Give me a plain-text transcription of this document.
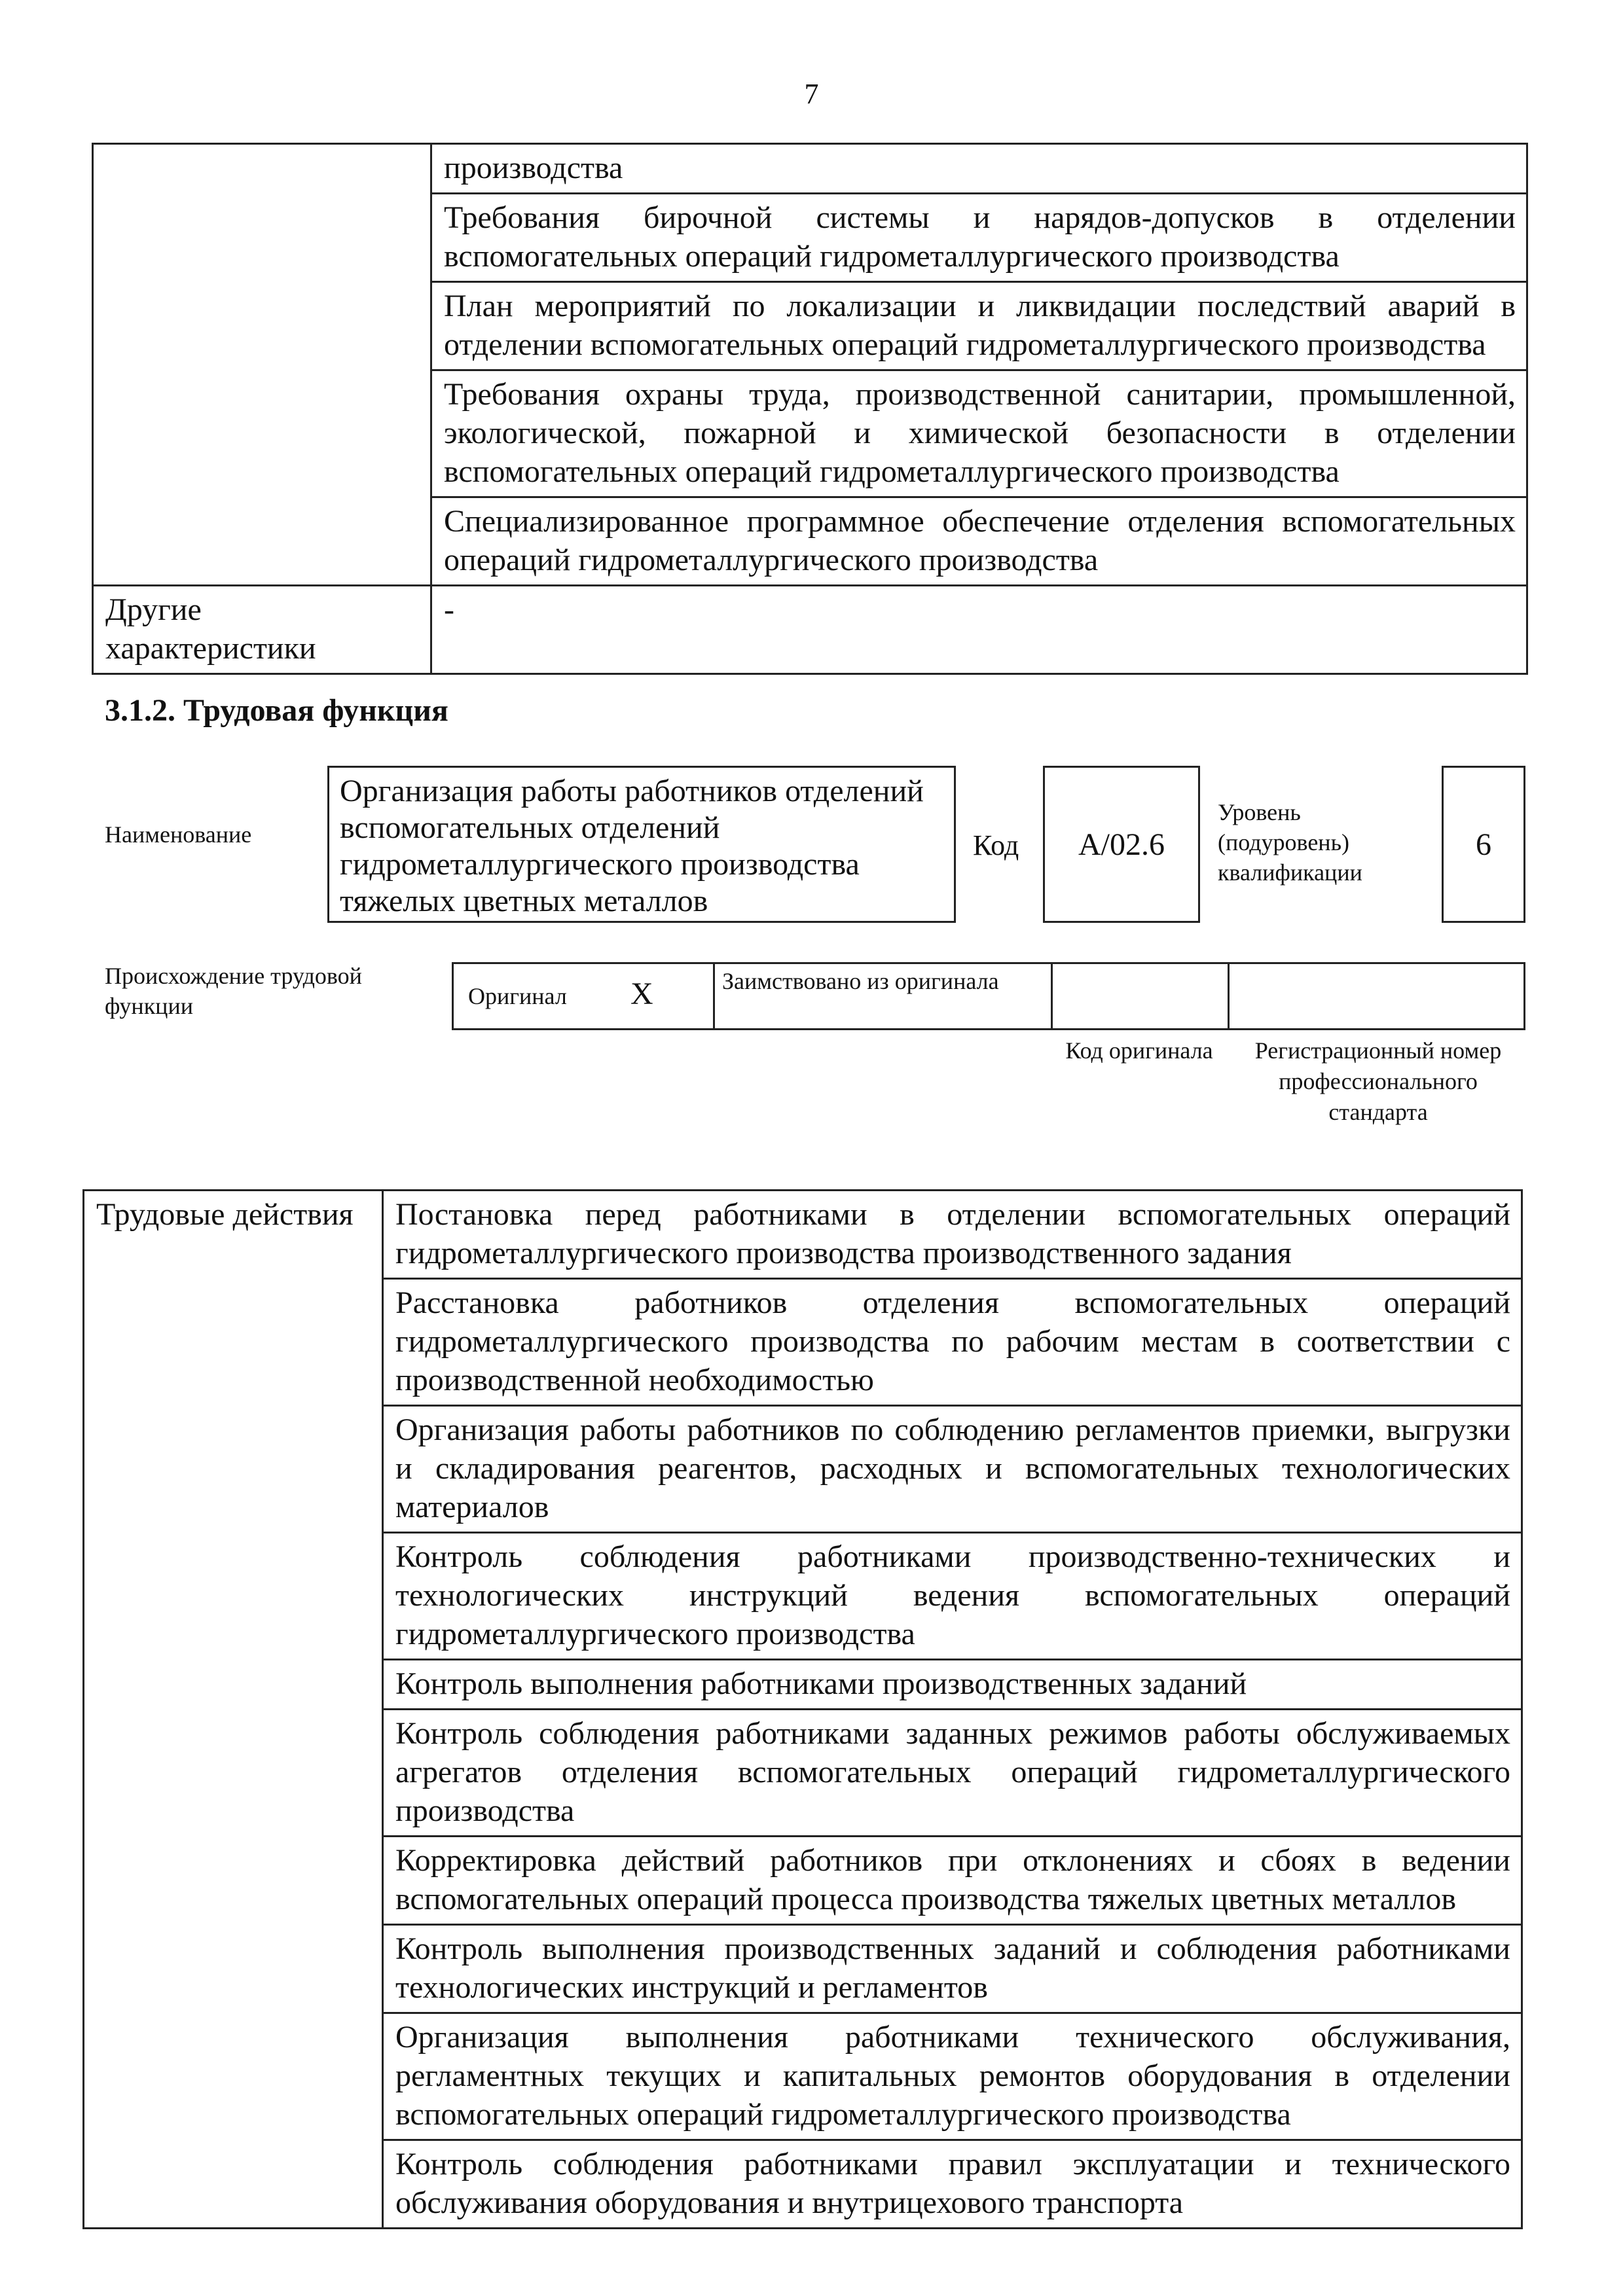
7
	производства
	Требования бирочной системы и нарядов-допусков в отделении вспомогательных операций гидрометаллургического производства
	План мероприятий по локализации и ликвидации последствий аварий в отделении вспомогательных операций гидрометаллургического производства
	Требования охраны труда, производственной санитарии, промышленной, экологической, пожарной и химической безопасности в отделении вспомогательных операций гидрометаллургического производства
	Специализированное программное обеспечение отделения вспомогательных операций гидрометаллургического производства
Другие характеристики	-
3.1.2. Трудовая функция
Наименование
Организация работы работников отделений вспомогательных отделений гидрометаллургического производства тяжелых цветных металлов
Код	A/02.6
Уровень (подуровень) квалификации
6
Происхождение трудовой функции	Оригинал X	Заимствовано из оригинала
Код оригинала	Регистрационный номер профессионального стандарта
Трудовые действия	Постановка перед работниками в отделении вспомогательных операций гидрометаллургического производства производственного задания
Расстановка работников отделения вспомогательных операций гидрометаллургического производства по рабочим местам в соответствии с производственной необходимостью
Организация работы работников по соблюдению регламентов приемки, выгрузки и складирования реагентов, расходных и вспомогательных технологических материалов
Контроль соблюдения работниками производственно-технических и технологических инструкций ведения вспомогательных операций гидрометаллургического производства
Контроль выполнения работниками производственных заданий
Контроль соблюдения работниками заданных режимов работы обслуживаемых агрегатов отделения вспомогательных операций гидрометаллургического производства
Корректировка действий работников при отклонениях и сбоях в ведении вспомогательных операций процесса производства тяжелых цветных металлов
Контроль выполнения производственных заданий и соблюдения работниками технологических инструкций и регламентов
Организация выполнения работниками технического обслуживания, регламентных текущих и капитальных ремонтов оборудования в отделении вспомогательных операций гидрометаллургического производства
Контроль соблюдения работниками правил эксплуатации и технического обслуживания оборудования и внутрицехового транспорта
